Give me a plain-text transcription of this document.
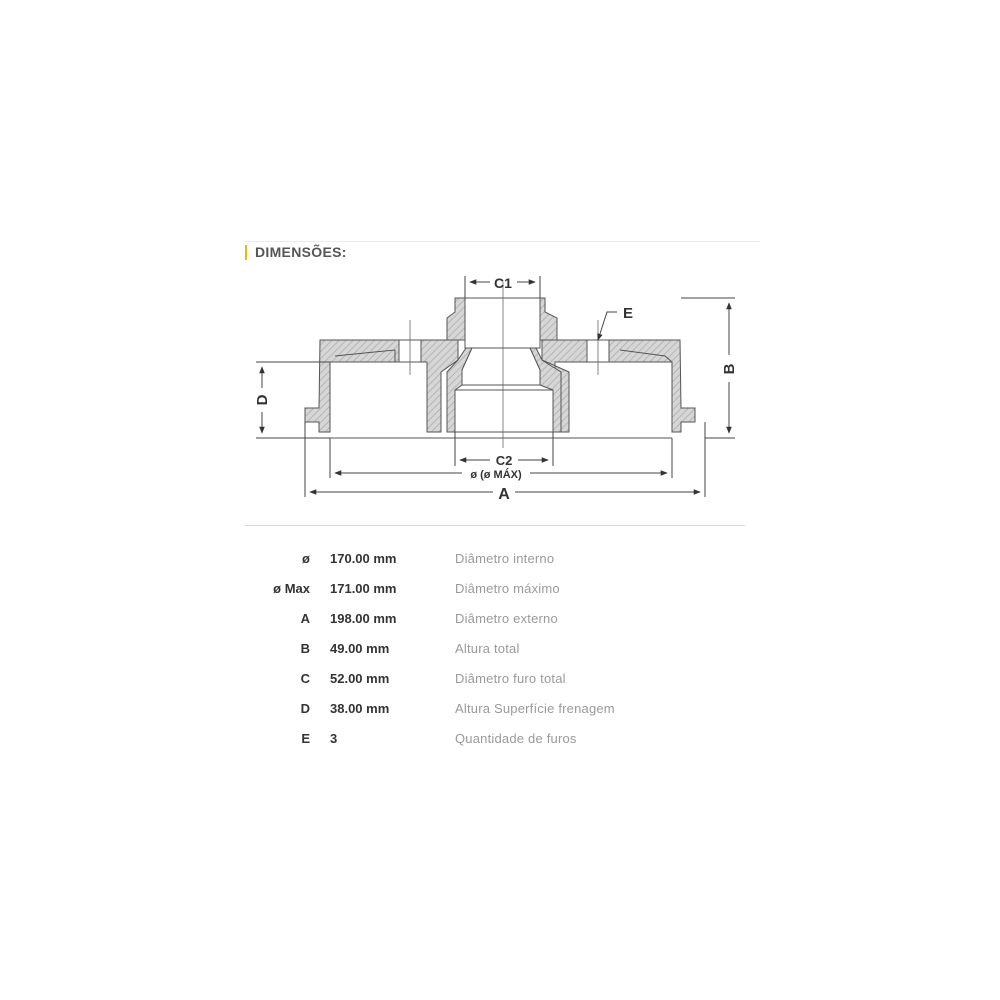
DIMENSÕES:
C1
C2
E
ø (ø MÁX)
A
B
D
ø 170.00 mm	Diâmetro interno
ø Max 171.00 mm	Diâmetro máximo
A 198.00 mm	Diâmetro externo
B 49.00 mm	Altura total
C 52.00 mm	Diâmetro furo total
D 38.00 mm	Altura Superfície frenagem
E 3	Quantidade de furos
